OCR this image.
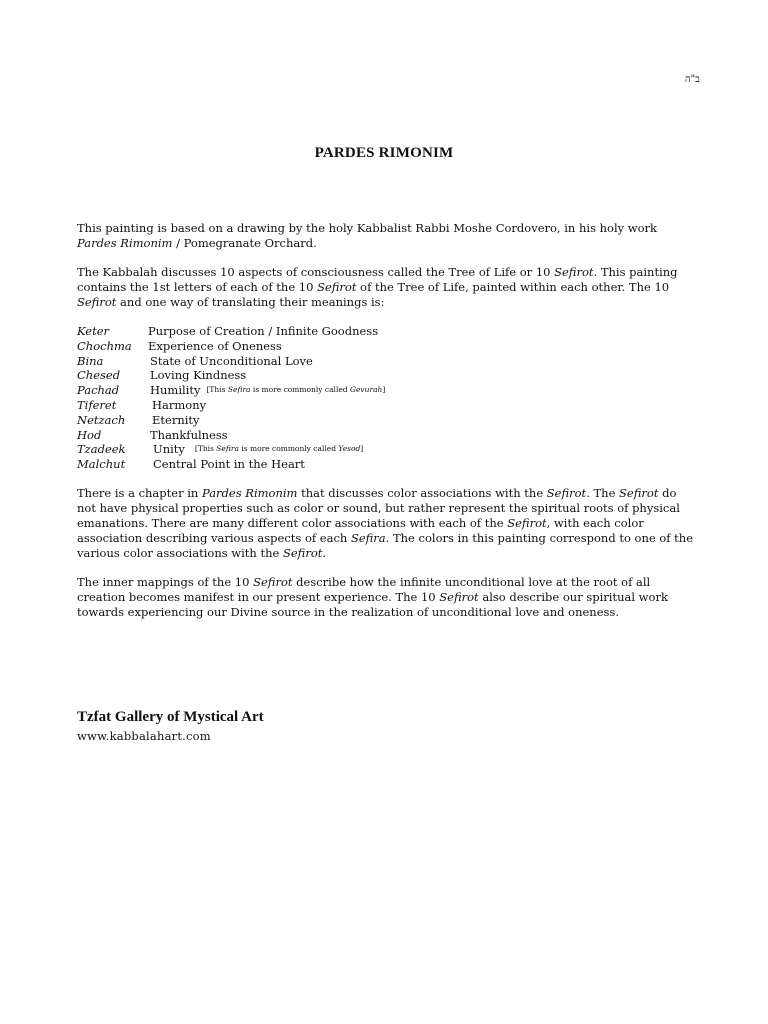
ב"ה
PARDES RIMONIM
This painting is based on a drawing by the holy Kabbalist Rabbi Moshe Cordovero, in his holy work Pardes Rimonim / Pomegranate Orchard.
The Kabbalah discusses 10 aspects of consciousness called the Tree of Life or 10 Sefirot. This painting contains the 1st letters of each of the 10 Sefirot of the Tree of Life, painted within each other. The 10 Sefirot and one way of translating their meanings is:
Keter	Purpose of Creation / Infinite Goodness
Chochma	Experience of Oneness
Bina	State of Unconditional Love
Chesed	Loving Kindness
Pachad	Humility [This Sefira is more commonly called Gevurah]
Tiferet	Harmony
Netzach	Eternity
Hod	Thankfulness
Tzadeek	Unity [This Sefira is more commonly called Yesod]
Malchut	Central Point in the Heart
There is a chapter in Pardes Rimonim that discusses color associations with the Sefirot. The Sefirot do not have physical properties such as color or sound, but rather represent the spiritual roots of physical emanations. There are many different color associations with each of the Sefirot, with each color association describing various aspects of each Sefira. The colors in this painting correspond to one of the various color associations with the Sefirot.
The inner mappings of the 10 Sefirot describe how the infinite unconditional love at the root of all creation becomes manifest in our present experience. The 10 Sefirot also describe our spiritual work towards experiencing our Divine source in the realization of unconditional love and oneness.
Tzfat Gallery of Mystical Art
www.kabbalahart.com
